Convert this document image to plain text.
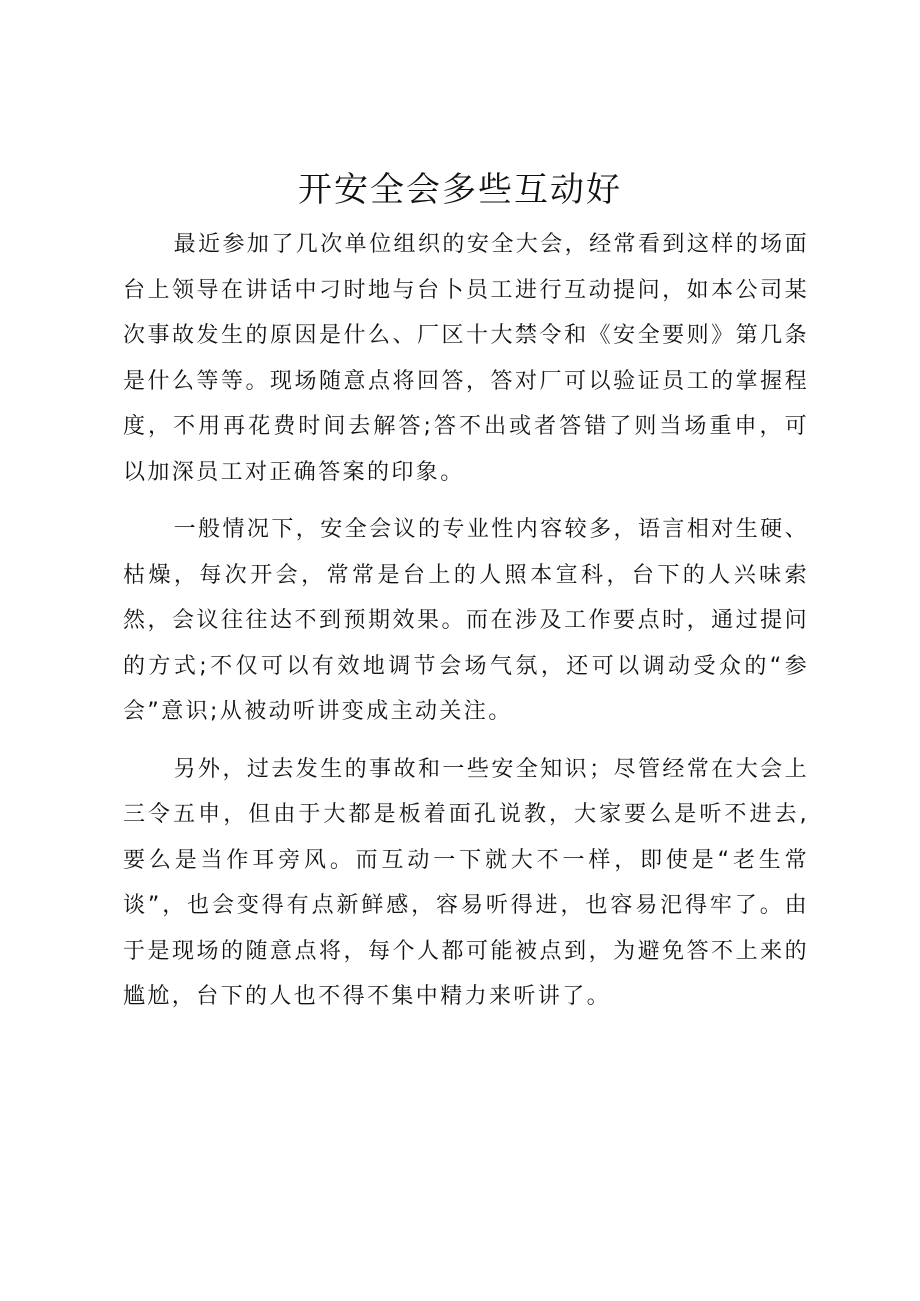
开安全会多些互动好

最近参加了几次单位组织的安全大会，经常看到这样的场面台上领导在讲话中刁时地与台卜员工进行互动提问，如本公司某次事故发生的原因是什么、厂区十大禁令和《安全要则》第几条是什么等等。现场随意点将回答，答对厂可以验证员工的掌握程度，不用再花费时间去解答;答不出或者答错了则当场重申，可以加深员工对正确答案的印象。

一般情况下，安全会议的专业性内容较多，语言相对生硬、枯燥，每次开会，常常是台上的人照本宣科，台下的人兴味索然，会议往往达不到预期效果。而在涉及工作要点时，通过提问的方式;不仅可以有效地调节会场气氛，还可以调动受众的“参会”意识;从被动听讲变成主动关注。

另外，过去发生的事故和一些安全知识；尽管经常在大会上三令五申，但由于大都是板着面孔说教，大家要么是听不进去,要么是当作耳旁风。而互动一下就大不一样，即使是“老生常谈”，也会变得有点新鲜感，容易听得进，也容易汜得牢了。由于是现场的随意点将，每个人都可能被点到，为避免答不上来的尴尬，台下的人也不得不集中精力来听讲了。
